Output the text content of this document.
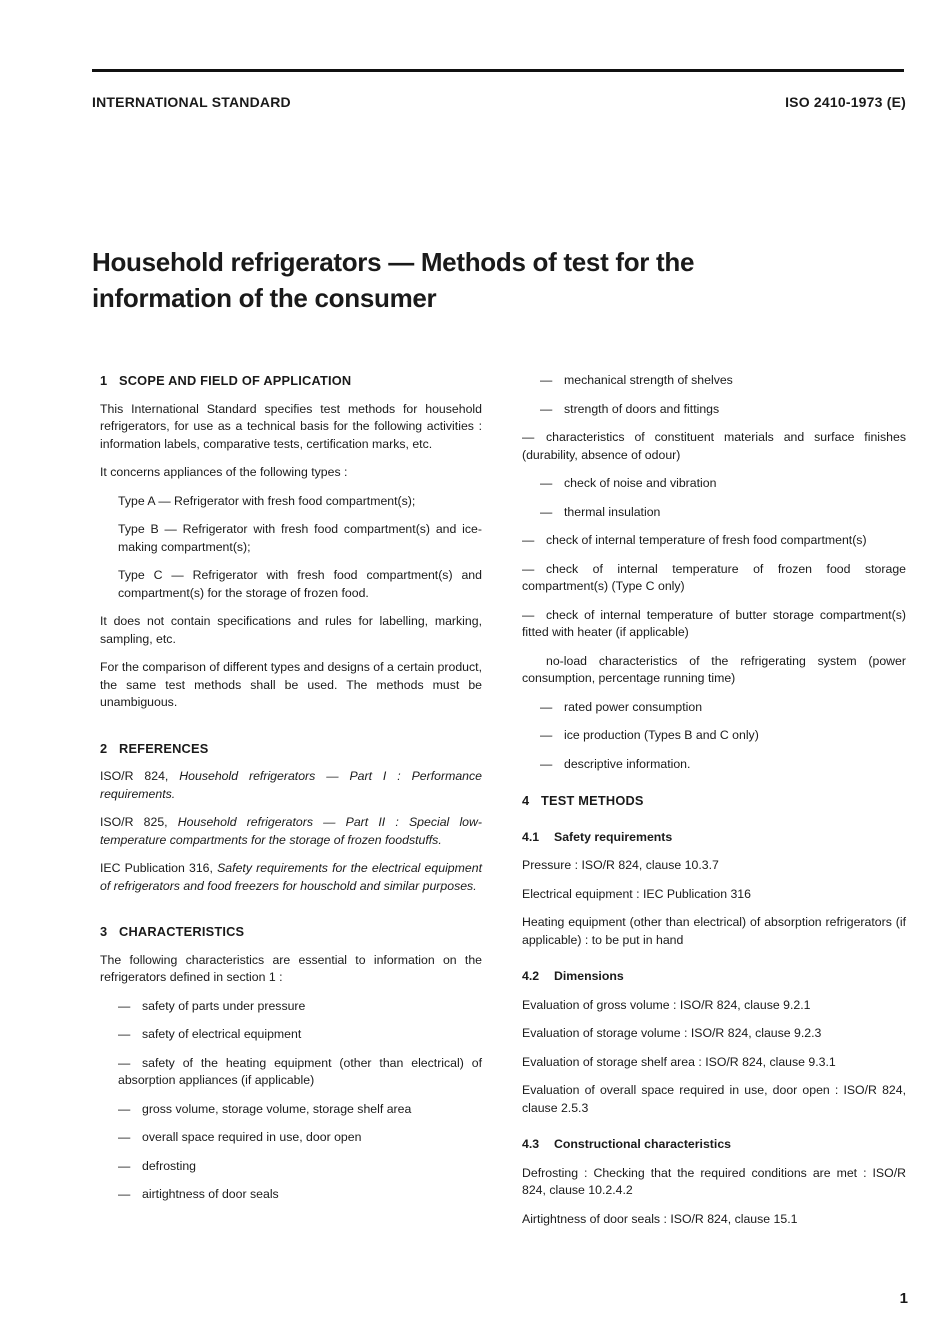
INTERNATIONAL STANDARD	ISO 2410-1973 (E)
Household refrigerators — Methods of test for the information of the consumer
1 SCOPE AND FIELD OF APPLICATION

This International Standard specifies test methods for household refrigerators, for use as a technical basis for the following activities : information labels, comparative tests, certification marks, etc.

It concerns appliances of the following types :

Type A — Refrigerator with fresh food compartment(s);

Type B — Refrigerator with fresh food compartment(s) and ice-making compartment(s);

Type C — Refrigerator with fresh food compartment(s) and compartment(s) for the storage of frozen food.

It does not contain specifications and rules for labelling, marking, sampling, etc.

For the comparison of different types and designs of a certain product, the same test methods shall be used. The methods must be unambiguous.

2 REFERENCES

ISO/R 824, Household refrigerators — Part I : Performance requirements.

ISO/R 825, Household refrigerators — Part II : Special low-temperature compartments for the storage of frozen foodstuffs.

IEC Publication 316, Safety requirements for the electrical equipment of refrigerators and food freezers for houschold and similar purposes.

3 CHARACTERISTICS

The following characteristics are essential to information on the refrigerators defined in section 1 :

— safety of parts under pressure
— safety of electrical equipment
— safety of the heating equipment (other than electrical) of absorption appliances (if applicable)
— gross volume, storage volume, storage shelf area
— overall space required in use, door open
— defrosting
— airtightness of door seals
— mechanical strength of shelves
— strength of doors and fittings
— characteristics of constituent materials and surface finishes (durability, absence of odour)
— check of noise and vibration
— thermal insulation
— check of internal temperature of fresh food compartment(s)
— check of internal temperature of frozen food storage compartment(s) (Type C only)
— check of internal temperature of butter storage compartment(s) fitted with heater (if applicable)
no-load characteristics of the refrigerating system (power consumption, percentage running time)
— rated power consumption
— ice production (Types B and C only)
— descriptive information.
4 TEST METHODS
4.1 Safety requirements

Pressure : ISO/R 824, clause 10.3.7

Electrical equipment : IEC Publication 316

Heating equipment (other than electrical) of absorption refrigerators (if applicable) : to be put in hand

4.2 Dimensions

Evaluation of gross volume : ISO/R 824, clause 9.2.1

Evaluation of storage volume : ISO/R 824, clause 9.2.3

Evaluation of storage shelf area : ISO/R 824, clause 9.3.1

Evaluation of overall space required in use, door open : ISO/R 824, clause 2.5.3

4.3 Constructional characteristics

Defrosting : Checking that the required conditions are met : ISO/R 824, clause 10.2.4.2

Airtightness of door seals : ISO/R 824, clause 15.1

1
